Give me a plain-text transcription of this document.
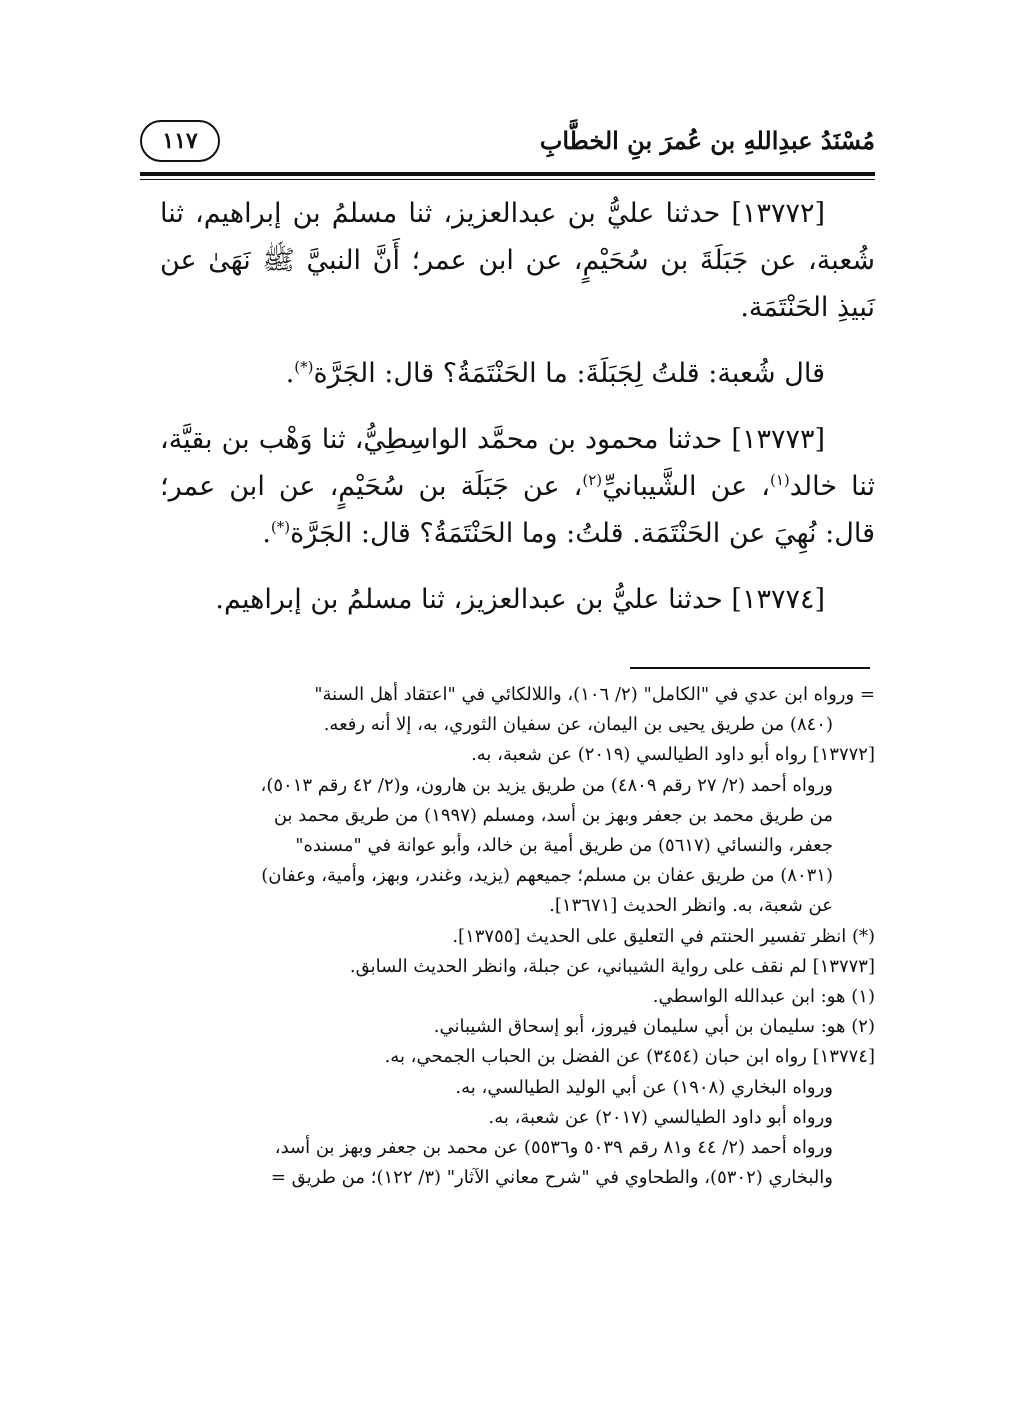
مُسْنَدُ عبدِاللهِ بن عُمرَ بنِ الخطَّابِ
١١٧

[١٣٧٧٢] حدثنا عليُّ بن عبدالعزيز، ثنا مسلمُ بن إبراهيم، ثنا شُعبة، عن جَبَلَةَ بن سُحَيْمٍ، عن ابن عمر؛ أَنَّ النبيَّ ﷺ نَهَىٰ عن نَبيذِ الحَنْتَمَة.

قال شُعبة: قلتُ لِجَبَلَةَ: ما الحَنْتَمَةُ؟ قال: الجَرَّة(*).

[١٣٧٧٣] حدثنا محمود بن محمَّد الواسِطِيُّ، ثنا وَهْب بن بقيَّة، ثنا خالد$^{(١)}$، عن الشَّيبانيِّ$^{(٢)}$، عن جَبَلَة بن سُحَيْمٍ، عن ابن عمر؛ قال: نُهِيَ عن الحَنْتَمَة. قلتُ: وما الحَنْتَمَةُ؟ قال: الجَرَّة(*).

[١٣٧٧٤] حدثنا عليُّ بن عبدالعزيز، ثنا مسلمُ بن إبراهيم.

= ورواه ابن عدي في "الكامل" (٢/ ١٠٦)، واللالكائي في "اعتقاد أهل السنة"

(٨٤٠) من طريق يحيى بن اليمان، عن سفيان الثوري، به، إلا أنه رفعه.

[١٣٧٧٢] رواه أبو داود الطيالسي (٢٠١٩) عن شعبة، به.

ورواه أحمد (٢/ ٢٧ رقم ٤٨٠٩) من طريق يزيد بن هارون، و(٢/ ٤٢ رقم ٥٠١٣)،

من طريق محمد بن جعفر وبهز بن أسد، ومسلم (١٩٩٧) من طريق محمد بن

جعفر، والنسائي (٥٦١٧) من طريق أمية بن خالد، وأبو عوانة في "مسنده"

(٨٠٣١) من طريق عفان بن مسلم؛ جميعهم (يزيد، وغندر، وبهز، وأمية، وعفان)

عن شعبة، به. وانظر الحديث [١٣٦٧١].

(*) انظر تفسير الحنتم في التعليق على الحديث [١٣٧٥٥].

[١٣٧٧٣] لم نقف على رواية الشيباني، عن جبلة، وانظر الحديث السابق.

(١) هو: ابن عبدالله الواسطي.

(٢) هو: سليمان بن أبي سليمان فيروز، أبو إسحاق الشيباني.

[١٣٧٧٤] رواه ابن حبان (٣٤٥٤) عن الفضل بن الحباب الجمحي، به.

ورواه البخاري (١٩٠٨) عن أبي الوليد الطيالسي، به.

ورواه أبو داود الطيالسي (٢٠١٧) عن شعبة، به.

ورواه أحمد (٢/ ٤٤ و٨١ رقم ٥٠٣٩ و٥٥٣٦) عن محمد بن جعفر وبهز بن أسد،

والبخاري (٥٣٠٢)، والطحاوي في "شرح معاني الآثار" (٣/ ١٢٢)؛ من طريق =
